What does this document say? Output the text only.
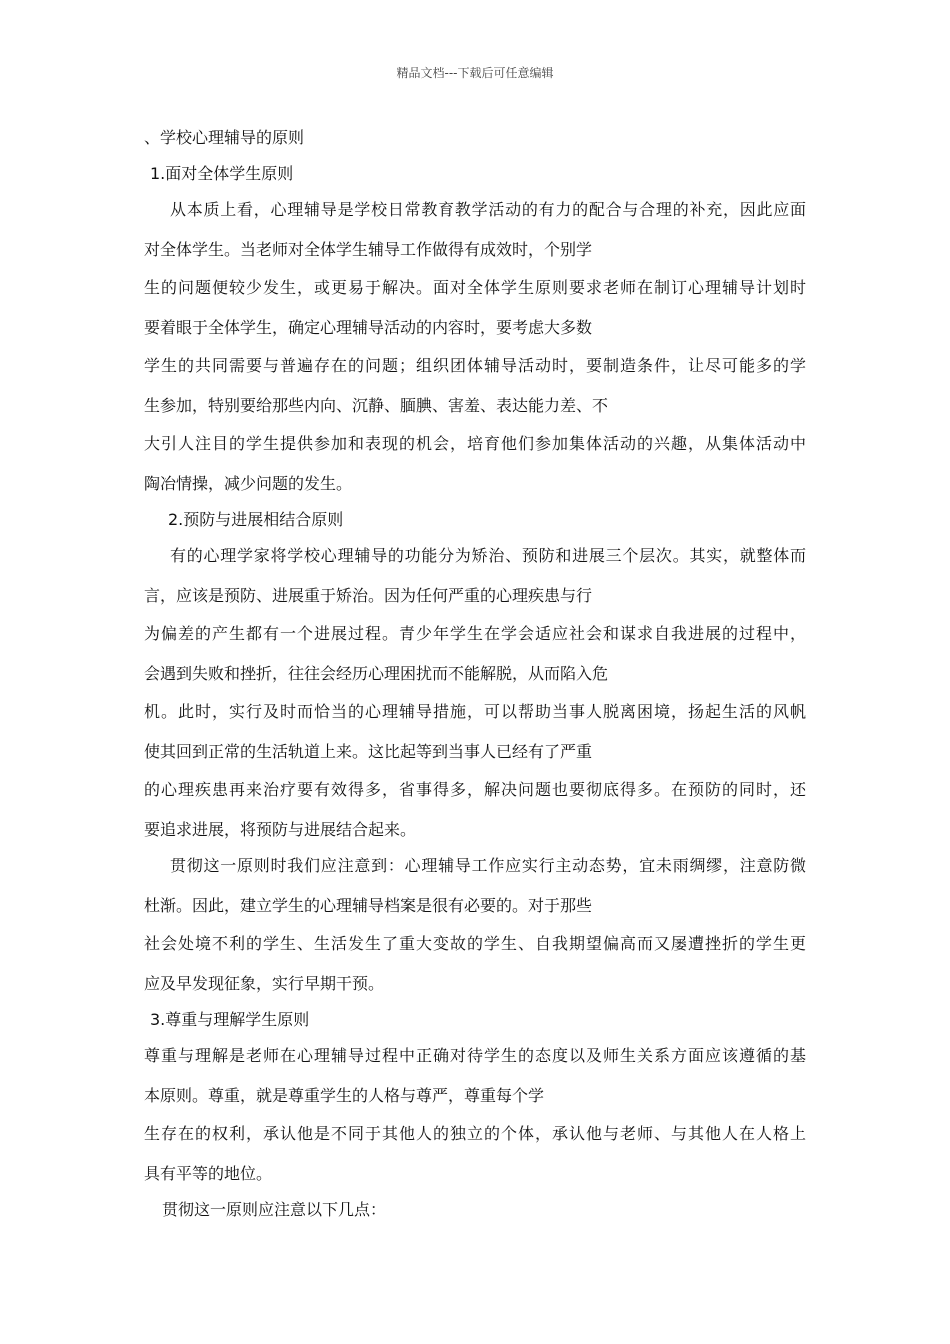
精品文档---下载后可任意编辑
、学校心理辅导的原则
1.面对全体学生原则
从本质上看，心理辅导是学校日常教育教学活动的有力的配合与合理的补充，因此应面
对全体学生。当老师对全体学生辅导工作做得有成效时，个别学
生的问题便较少发生，或更易于解决。面对全体学生原则要求老师在制订心理辅导计划时
要着眼于全体学生，确定心理辅导活动的内容时，要考虑大多数
学生的共同需要与普遍存在的问题；组织团体辅导活动时，要制造条件，让尽可能多的学
生参加，特别要给那些内向、沉静、腼腆、害羞、表达能力差、不
大引人注目的学生提供参加和表现的机会，培育他们参加集体活动的兴趣，从集体活动中
陶冶情操，减少问题的发生。
2.预防与进展相结合原则
有的心理学家将学校心理辅导的功能分为矫治、预防和进展三个层次。其实，就整体而
言，应该是预防、进展重于矫治。因为任何严重的心理疾患与行
为偏差的产生都有一个进展过程。青少年学生在学会适应社会和谋求自我进展的过程中，
会遇到失败和挫折，往往会经历心理困扰而不能解脱，从而陷入危
机。此时，实行及时而恰当的心理辅导措施，可以帮助当事人脱离困境，扬起生活的风帆
使其回到正常的生活轨道上来。这比起等到当事人已经有了严重
的心理疾患再来治疗要有效得多，省事得多，解决问题也要彻底得多。在预防的同时，还
要追求进展，将预防与进展结合起来。
贯彻这一原则时我们应注意到：心理辅导工作应实行主动态势，宜未雨绸缪，注意防微
杜渐。因此，建立学生的心理辅导档案是很有必要的。对于那些
社会处境不利的学生、生活发生了重大变故的学生、自我期望偏高而又屡遭挫折的学生更
应及早发现征象，实行早期干预。
3.尊重与理解学生原则
尊重与理解是老师在心理辅导过程中正确对待学生的态度以及师生关系方面应该遵循的基
本原则。尊重，就是尊重学生的人格与尊严，尊重每个学
生存在的权利，承认他是不同于其他人的独立的个体，承认他与老师、与其他人在人格上
具有平等的地位。
贯彻这一原则应注意以下几点：
